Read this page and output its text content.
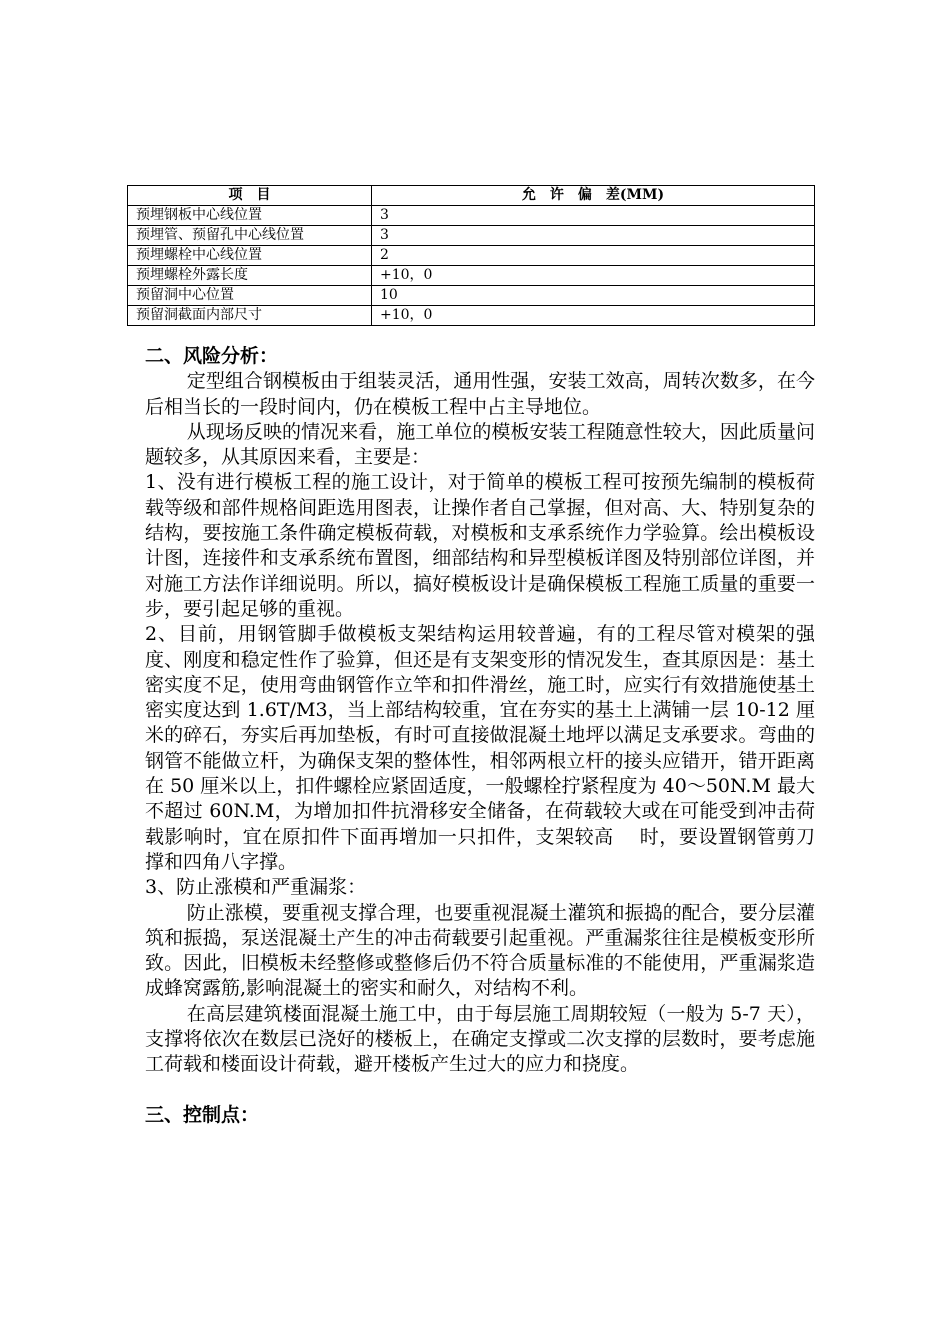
项　目	允　许　偏　差(MM)
预埋钢板中心线位置	3
预埋管、预留孔中心线位置	3
预埋螺栓中心线位置	2
预埋螺栓外露长度	+10，0
预留洞中心位置	10
预留洞截面内部尺寸	+10，0
二、风险分析：

定型组合钢模板由于组装灵活，通用性强，安装工效高，周转次数多，在今后相当长的一段时间内，仍在模板工程中占主导地位。

从现场反映的情况来看，施工单位的模板安装工程随意性较大，因此质量问题较多，从其原因来看，主要是：

1、没有进行模板工程的施工设计，对于简单的模板工程可按预先编制的模板荷载等级和部件规格间距选用图表，让操作者自己掌握，但对高、大、特别复杂的结构，要按施工条件确定模板荷载，对模板和支承系统作力学验算。绘出模板设计图，连接件和支承系统布置图，细部结构和异型模板详图及特别部位详图，并对施工方法作详细说明。所以，搞好模板设计是确保模板工程施工质量的重要一步，要引起足够的重视。

2、目前，用钢管脚手做模板支架结构运用较普遍，有的工程尽管对模架的强度、刚度和稳定性作了验算，但还是有支架变形的情况发生，查其原因是：基土密实度不足，使用弯曲钢管作立竿和扣件滑丝，施工时，应实行有效措施使基土密实度达到 1.6T/M3，当上部结构较重，宜在夯实的基土上满铺一层 10-12 厘米的碎石，夯实后再加垫板，有时可直接做混凝土地坪以满足支承要求。弯曲的钢管不能做立杆，为确保支架的整体性，相邻两根立杆的接头应错开，错开距离在 50 厘米以上，扣件螺栓应紧固适度，一般螺栓拧紧程度为 40～50N.M 最大不超过 60N.M，为增加扣件抗滑移安全储备，在荷载较大或在可能受到冲击荷载影响时，宜在原扣件下面再增加一只扣件，支架较高　 时，要设置钢管剪刀撑和四角八字撑。

3、防止涨模和严重漏浆：

防止涨模，要重视支撑合理，也要重视混凝土灌筑和振捣的配合，要分层灌筑和振捣，泵送混凝土产生的冲击荷载要引起重视。严重漏浆往往是模板变形所致。因此，旧模板未经整修或整修后仍不符合质量标准的不能使用，严重漏浆造成蜂窝露筋,影响混凝土的密实和耐久，对结构不利。

在高层建筑楼面混凝土施工中，由于每层施工周期较短（一般为 5-7 天），支撑将依次在数层已浇好的楼板上，在确定支撑或二次支撑的层数时，要考虑施工荷载和楼面设计荷载，避开楼板产生过大的应力和挠度。

三、控制点：
